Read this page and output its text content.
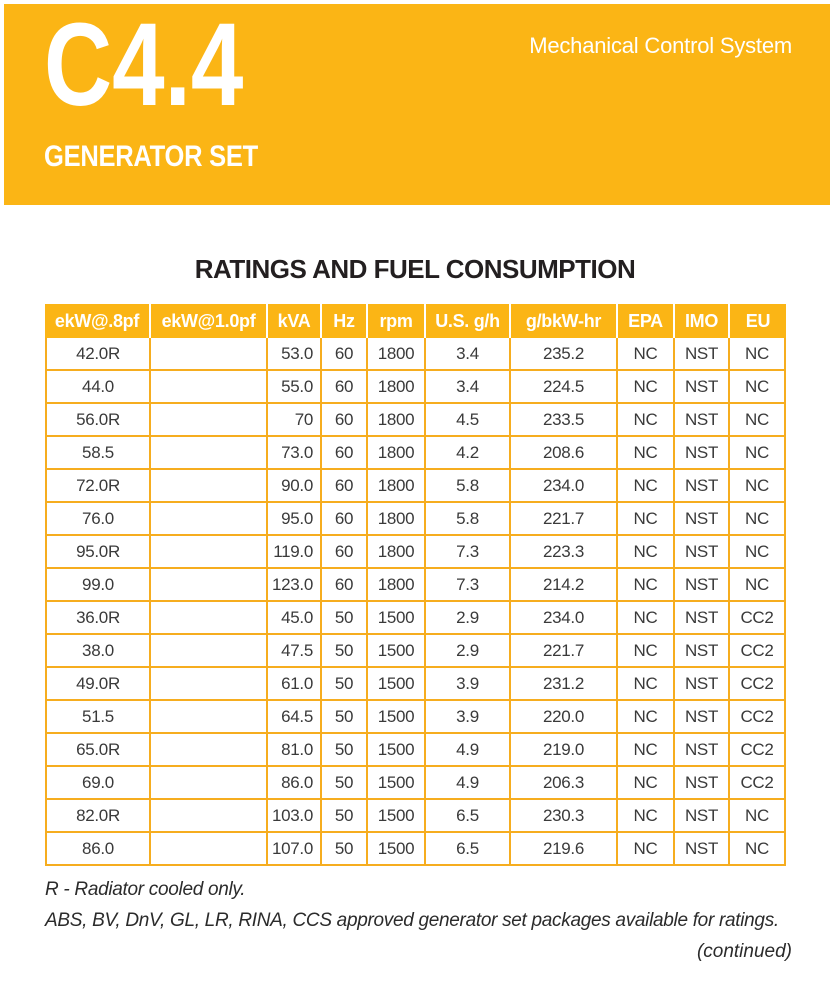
C4.4
GENERATOR SET
Mechanical Control System
RATINGS AND FUEL CONSUMPTION
ekW@.8pf	ekW@1.0pf	kVA	Hz	rpm	U.S. g/h	g/bkW-hr	EPA	IMO	EU
42.0R		53.0	60	1800	3.4	235.2	NC	NST	NC
44.0		55.0	60	1800	3.4	224.5	NC	NST	NC
56.0R		70	60	1800	4.5	233.5	NC	NST	NC
58.5		73.0	60	1800	4.2	208.6	NC	NST	NC
72.0R		90.0	60	1800	5.8	234.0	NC	NST	NC
76.0		95.0	60	1800	5.8	221.7	NC	NST	NC
95.0R		119.0	60	1800	7.3	223.3	NC	NST	NC
99.0		123.0	60	1800	7.3	214.2	NC	NST	NC
36.0R		45.0	50	1500	2.9	234.0	NC	NST	CC2
38.0		47.5	50	1500	2.9	221.7	NC	NST	CC2
49.0R		61.0	50	1500	3.9	231.2	NC	NST	CC2
51.5		64.5	50	1500	3.9	220.0	NC	NST	CC2
65.0R		81.0	50	1500	4.9	219.0	NC	NST	CC2
69.0		86.0	50	1500	4.9	206.3	NC	NST	CC2
82.0R		103.0	50	1500	6.5	230.3	NC	NST	NC
86.0		107.0	50	1500	6.5	219.6	NC	NST	NC
R - Radiator cooled only.
ABS, BV, DnV, GL, LR, RINA, CCS approved generator set packages available for ratings.
(continued)
